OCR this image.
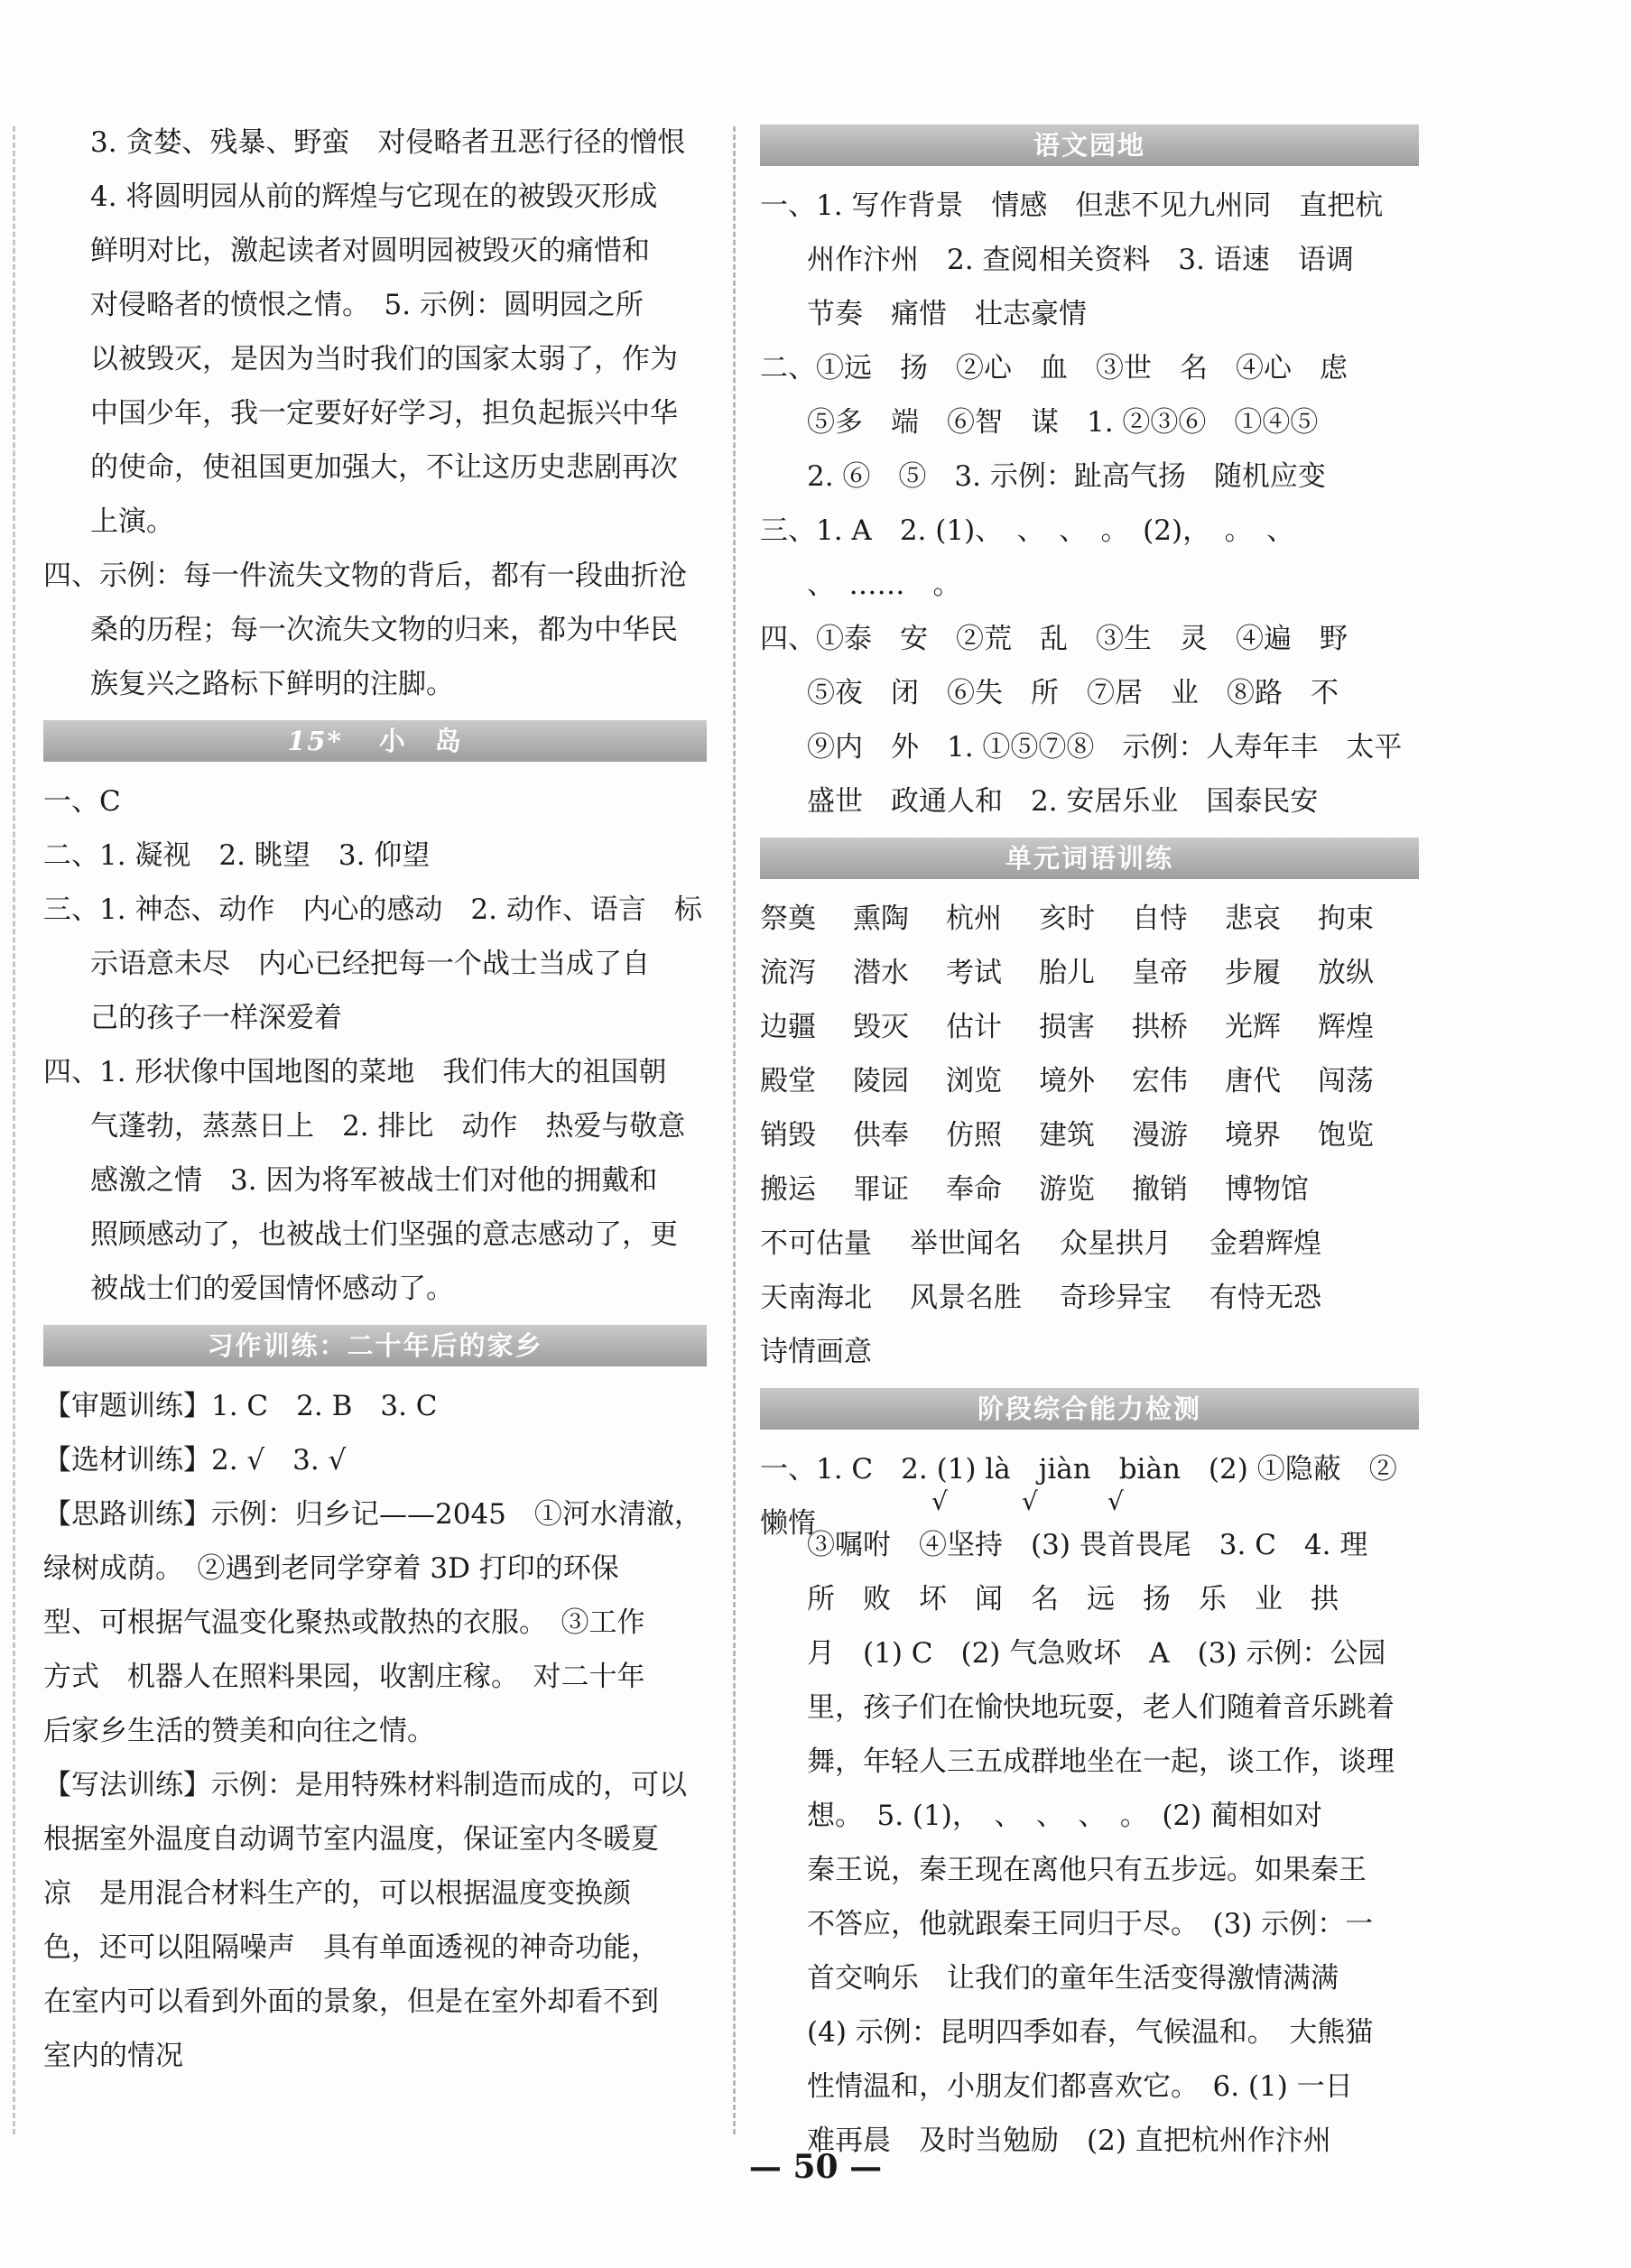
3. 贪婪、残暴、野蛮　对侵略者丑恶行径的憎恨
4. 将圆明园从前的辉煌与它现在的被毁灭形成
鲜明对比，激起读者对圆明园被毁灭的痛惜和
对侵略者的愤恨之情。　5. 示例：圆明园之所
以被毁灭，是因为当时我们的国家太弱了，作为
中国少年，我一定要好好学习，担负起振兴中华
的使命，使祖国更加强大，不让这历史悲剧再次
上演。
四、示例：每一件流失文物的背后，都有一段曲折沧
桑的历程；每一次流失文物的归来，都为中华民
族复兴之路标下鲜明的注脚。
15* 小　岛
一、C
二、1. 凝视　2. 眺望　3. 仰望
三、1. 神态、动作　内心的感动　2. 动作、语言　标
示语意未尽　内心已经把每一个战士当成了自
己的孩子一样深爱着
四、1. 形状像中国地图的菜地　我们伟大的祖国朝
气蓬勃，蒸蒸日上　2. 排比　动作　热爱与敬意
感激之情　3. 因为将军被战士们对他的拥戴和
照顾感动了，也被战士们坚强的意志感动了，更
被战士们的爱国情怀感动了。
习作训练：二十年后的家乡
【审题训练】1. C　2. B　3. C
【选材训练】2. √　3. √
【思路训练】示例：归乡记——2045　①河水清澈，
绿树成荫。　②遇到老同学穿着 3D 打印的环保
型、可根据气温变化聚热或散热的衣服。　③工作
方式　机器人在照料果园，收割庄稼。　对二十年
后家乡生活的赞美和向往之情。
【写法训练】示例：是用特殊材料制造而成的，可以
根据室外温度自动调节室内温度，保证室内冬暖夏
凉　是用混合材料生产的，可以根据温度变换颜
色，还可以阻隔噪声　具有单面透视的神奇功能，
在室内可以看到外面的景象，但是在室外却看不到
室内的情况
语文园地
一、1. 写作背景　情感　但悲不见九州同　直把杭
州作汴州　2. 查阅相关资料　3. 语速　语调
节奏　痛惜　壮志豪情
二、①远　扬　②心　血　③世　名　④心　虑
⑤多　端　⑥智　谋　1. ②③⑥　①④⑤
2. ⑥　⑤　3. 示例：趾高气扬　随机应变
三、1. A　2. (1)、　、　、　。　(2)，　。　、
、　……　。
四、①泰　安　②荒　乱　③生　灵　④遍　野
⑤夜　闭　⑥失　所　⑦居　业　⑧路　不
⑨内　外　1. ①⑤⑦⑧　示例：人寿年丰　太平
盛世　政通人和　2. 安居乐业　国泰民安
单元词语训练
祭奠	熏陶	杭州	亥时	自恃	悲哀	拘束
流泻	潜水	考试	胎儿	皇帝	步履	放纵
边疆	毁灭	估计	损害	拱桥	光辉	辉煌
殿堂	陵园	浏览	境外	宏伟	唐代	闯荡
销毁	供奉	仿照	建筑	漫游	境界	饱览
搬运	罪证	奉命	游览	撤销	博物馆
不可估量	举世闻名	众星拱月	金碧辉煌
天南海北	风景名胜	奇珍异宝	有恃无恐
诗情画意
阶段综合能力检测
一、1. C　2. (1) là　jiàn　biàn　(2) ①隐蔽　②懒惰
√	√	√
③嘱咐　④坚持　(3) 畏首畏尾　3. C　4. 理
所　败　坏　闻　名　远　扬　乐　业　拱
月　(1) C　(2) 气急败坏　A　(3) 示例：公园
里，孩子们在愉快地玩耍，老人们随着音乐跳着
舞，年轻人三五成群地坐在一起，谈工作，谈理
想。　5. (1)，　、　、　、　。　(2) 蔺相如对
秦王说，秦王现在离他只有五步远。如果秦王
不答应，他就跟秦王同归于尽。　(3) 示例：一
首交响乐　让我们的童年生活变得激情满满
(4) 示例：昆明四季如春，气候温和。　大熊猫
性情温和，小朋友们都喜欢它。　6. (1) 一日
难再晨　及时当勉励　(2) 直把杭州作汴州
— 50 —
